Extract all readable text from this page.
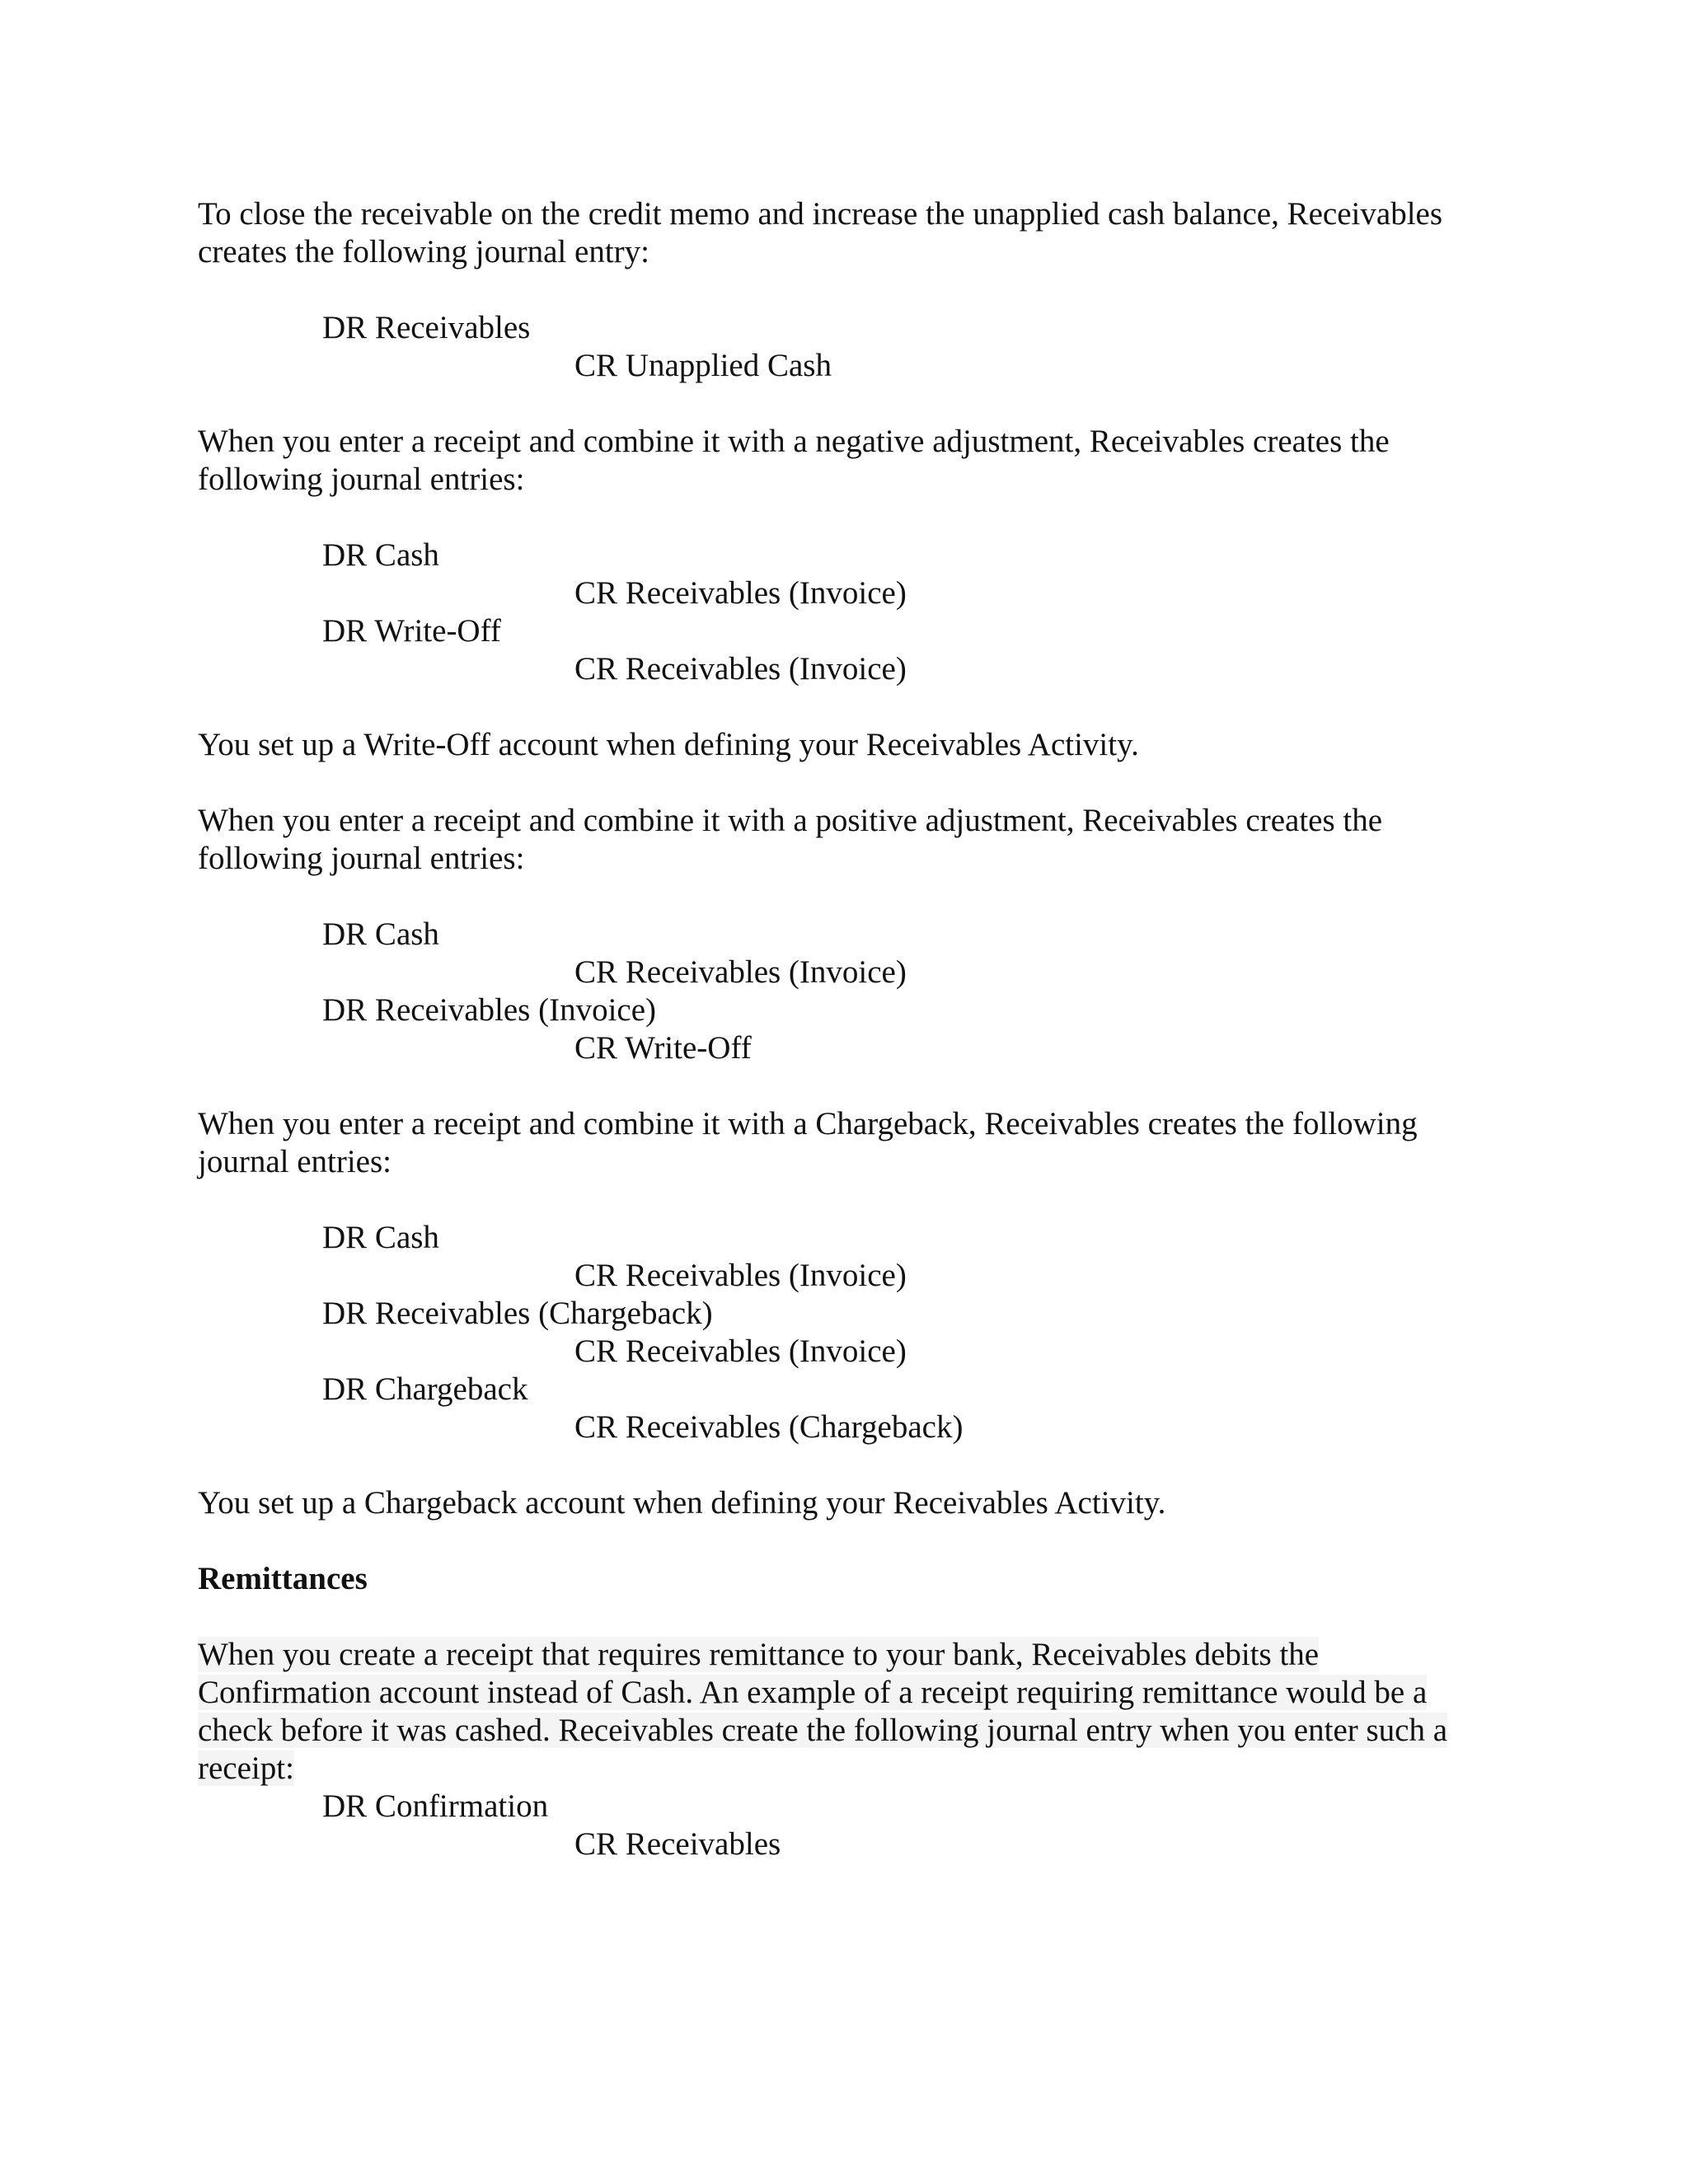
To close the receivable on the credit memo and increase the unapplied cash balance, Receivables creates the following journal entry:

DR Receivables
CR Unapplied Cash

When you enter a receipt and combine it with a negative adjustment, Receivables creates the following journal entries:

DR Cash
CR Receivables (Invoice)
DR Write-Off
CR Receivables (Invoice)

You set up a Write-Off account when defining your Receivables Activity.

When you enter a receipt and combine it with a positive adjustment, Receivables creates the following journal entries:

DR Cash
CR Receivables (Invoice)
DR Receivables (Invoice)
CR Write-Off

When you enter a receipt and combine it with a Chargeback, Receivables creates the following journal entries:

DR Cash
CR Receivables (Invoice)
DR Receivables (Chargeback)
CR Receivables (Invoice)
DR Chargeback
CR Receivables (Chargeback)

You set up a Chargeback account when defining your Receivables Activity.

Remittances

When you create a receipt that requires remittance to your bank, Receivables debits the Confirmation account instead of Cash. An example of a receipt requiring remittance would be a check before it was cashed. Receivables create the following journal entry when you enter such a receipt:

DR Confirmation
CR Receivables
